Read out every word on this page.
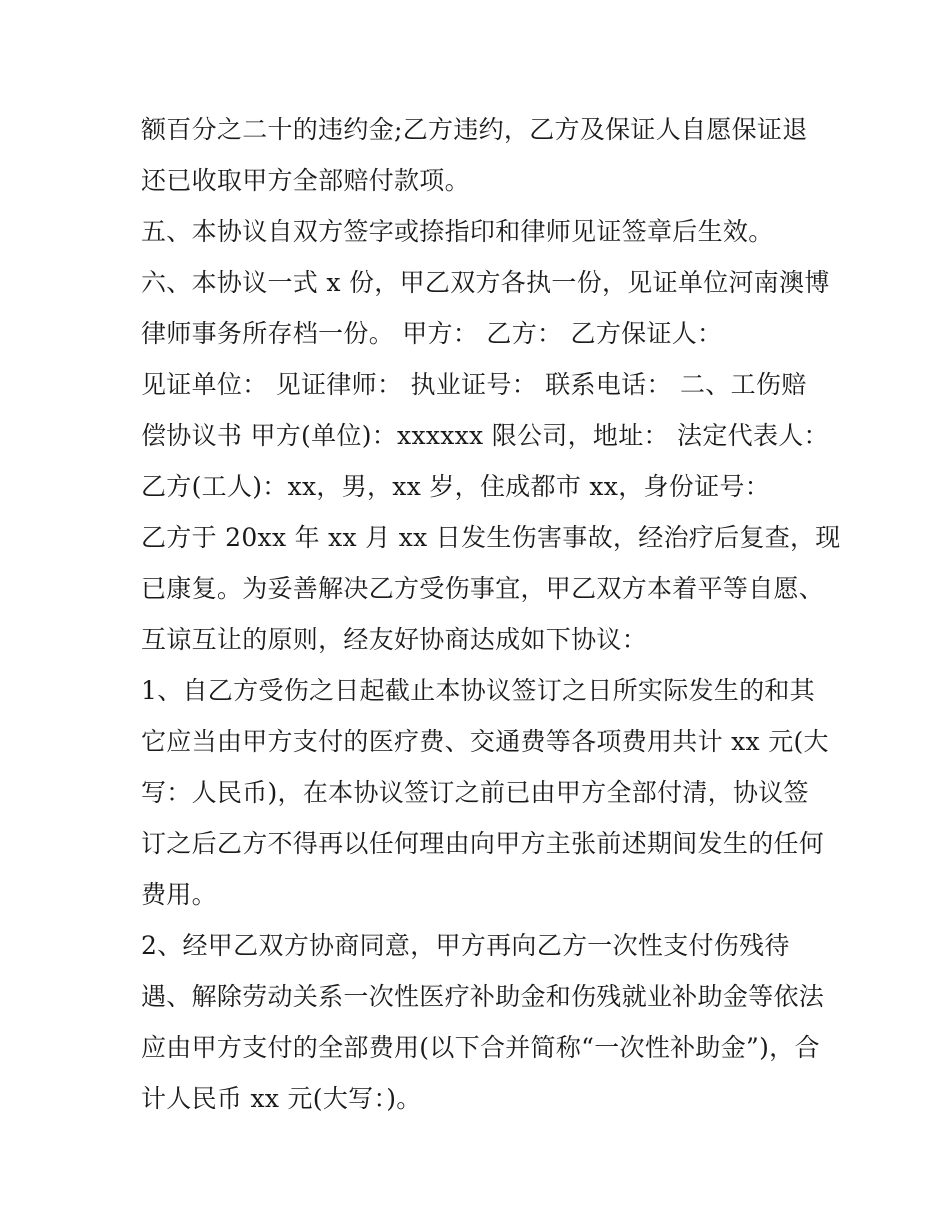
额百分之二十的违约金;乙方违约，乙方及保证人自愿保证退
还已收取甲方全部赔付款项。
五、本协议自双方签字或捺指印和律师见证签章后生效。
六、本协议一式 x 份，甲乙双方各执一份，见证单位河南澳博
律师事务所存档一份。 甲方： 乙方： 乙方保证人：
见证单位： 见证律师： 执业证号： 联系电话： 二、工伤赔
偿协议书 甲方(单位)：xxxxxx 限公司，地址： 法定代表人：
乙方(工人)：xx，男，xx 岁，住成都市 xx，身份证号：
乙方于 20xx 年 xx 月 xx 日发生伤害事故，经治疗后复查，现
已康复。为妥善解决乙方受伤事宜，甲乙双方本着平等自愿、
互谅互让的原则，经友好协商达成如下协议：
1、自乙方受伤之日起截止本协议签订之日所实际发生的和其
它应当由甲方支付的医疗费、交通费等各项费用共计 xx 元(大
写：人民币)，在本协议签订之前已由甲方全部付清，协议签
订之后乙方不得再以任何理由向甲方主张前述期间发生的任何
费用。
2、经甲乙双方协商同意，甲方再向乙方一次性支付伤残待
遇、解除劳动关系一次性医疗补助金和伤残就业补助金等依法
应由甲方支付的全部费用(以下合并简称“一次性补助金”)，合
计人民币 xx 元(大写：)。
